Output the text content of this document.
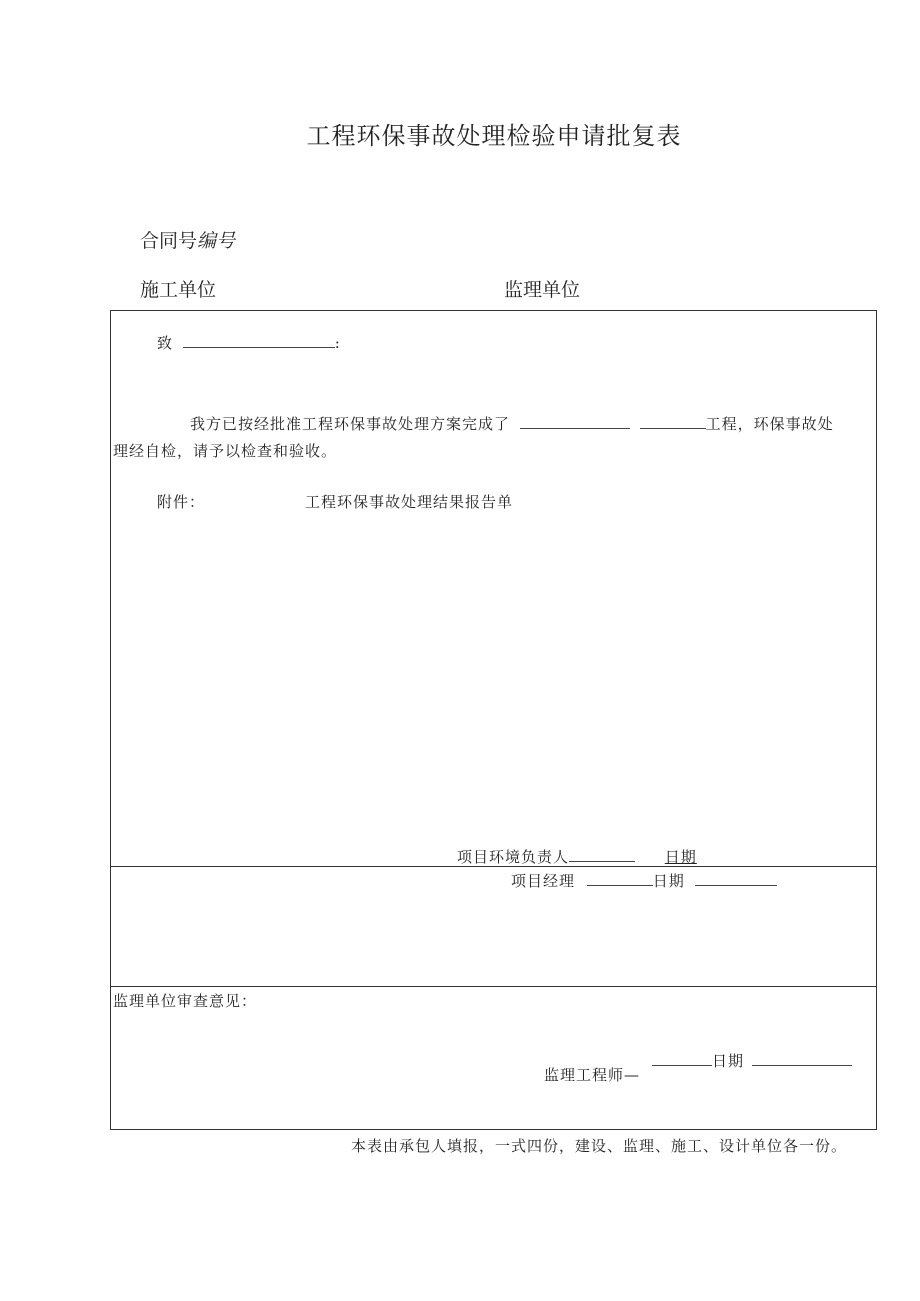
工程环保事故处理检验申请批复表
合同号编号
施工单位	监理单位
致	:
我方已按经批准工程环保事故处理方案完成了	工程，环保事故处
理经自检，请予以检查和验收。
附件：	工程环保事故处理结果报告单
项目环境负责人	日期
项目经理	日期
监理单位审查意见：
监理工程师—
日期
本表由承包人填报，一式四份，建设、监理、施工、设计单位各一份。
